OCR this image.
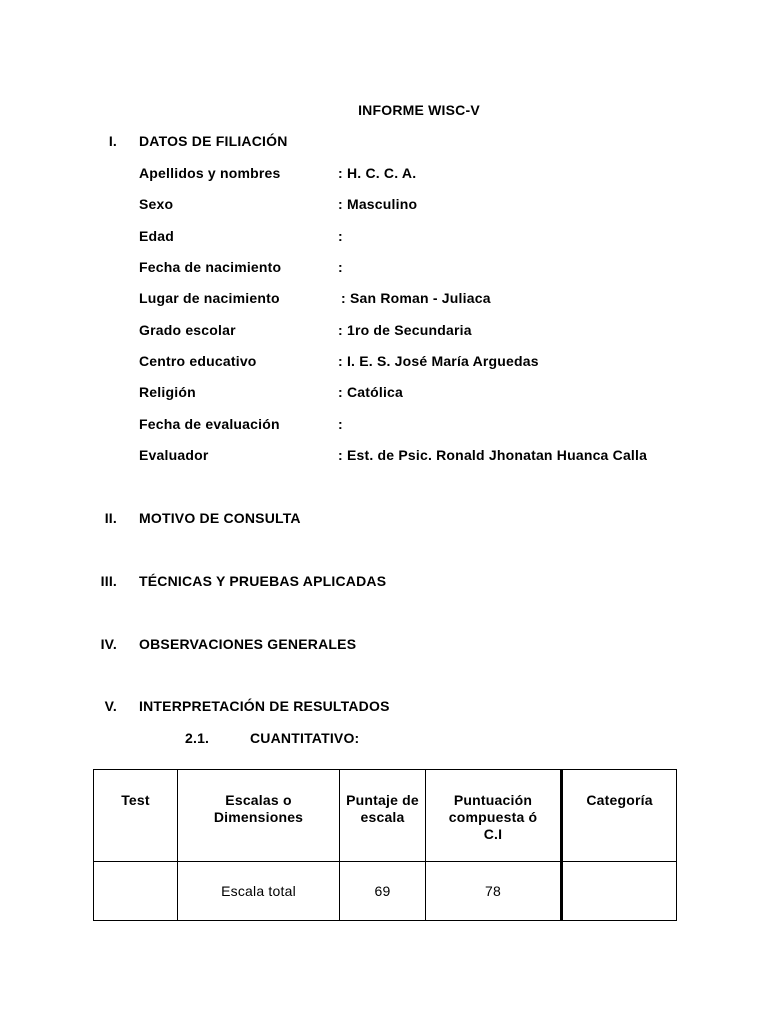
INFORME WISC-V
I. DATOS DE FILIACIÓN
Apellidos y nombres	: H. C. C. A.
Sexo	: Masculino
Edad	:
Fecha de nacimiento	:
Lugar de nacimiento	: San Roman - Juliaca
Grado escolar	: 1ro de Secundaria
Centro educativo	: I. E. S. José María Arguedas
Religión	: Católica
Fecha de evaluación	:
Evaluador	: Est. de Psic. Ronald Jhonatan Huanca Calla
II. MOTIVO DE CONSULTA
III. TÉCNICAS Y PRUEBAS APLICADAS
IV. OBSERVACIONES GENERALES
V. INTERPRETACIÓN DE RESULTADOS
2.1.	CUANTITATIVO:
Test	Escalas o Dimensiones	Puntaje de escala	Puntuación compuesta ó C.I	Categoría
	Escala total	69	78	
